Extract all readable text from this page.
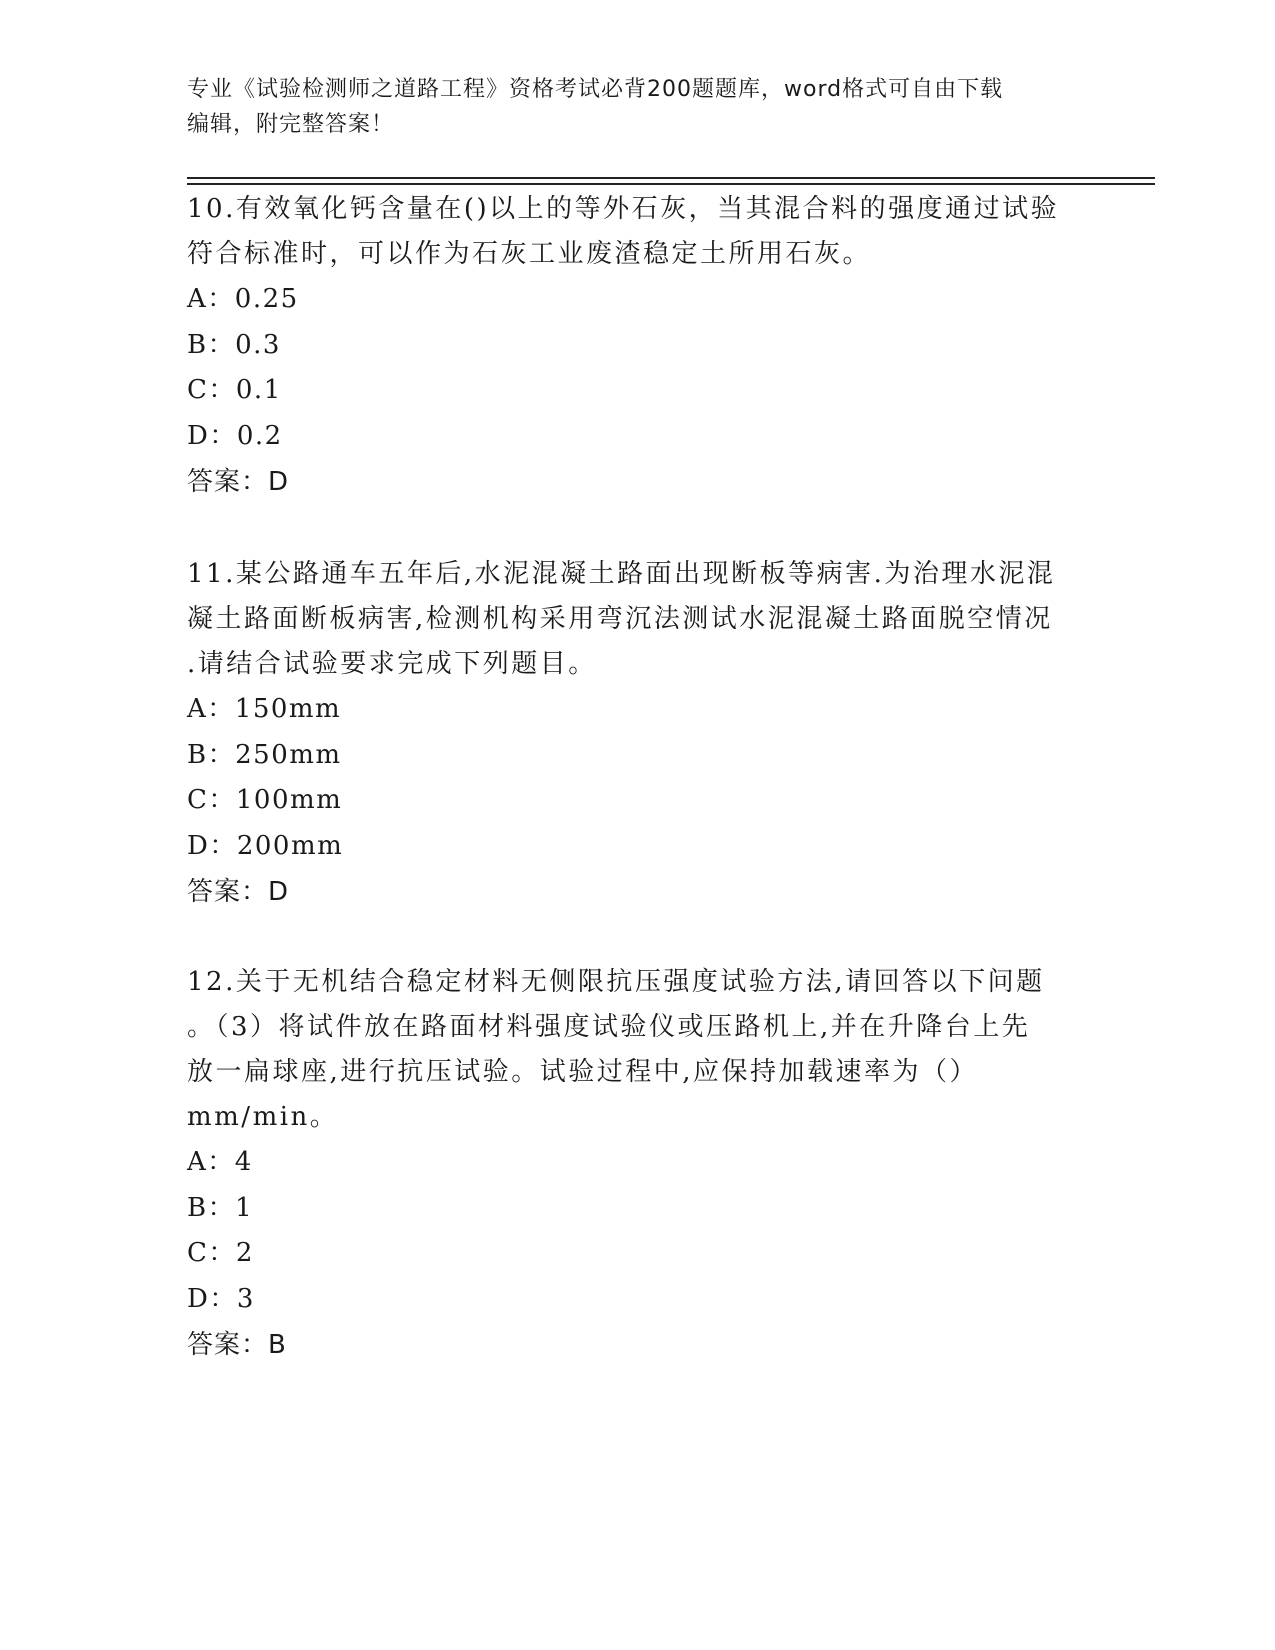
专业《试验检测师之道路工程》资格考试必背200题题库，word格式可自由下载
编辑，附完整答案！
10.有效氧化钙含量在()以上的等外石灰，当其混合料的强度通过试验
符合标准时，可以作为石灰工业废渣稳定土所用石灰。
A：0.25
B：0.3
C：0.1
D：0.2
答案：D
11.某公路通车五年后,水泥混凝土路面出现断板等病害.为治理水泥混
凝土路面断板病害,检测机构采用弯沉法测试水泥混凝土路面脱空情况
.请结合试验要求完成下列题目。
A：150mm
B：250mm
C：100mm
D：200mm
答案：D
12.关于无机结合稳定材料无侧限抗压强度试验方法,请回答以下问题
。（3）将试件放在路面材料强度试验仪或压路机上,并在升降台上先
放一扁球座,进行抗压试验。试验过程中,应保持加载速率为（）
mm/min。
A：4
B：1
C：2
D：3
答案：B
